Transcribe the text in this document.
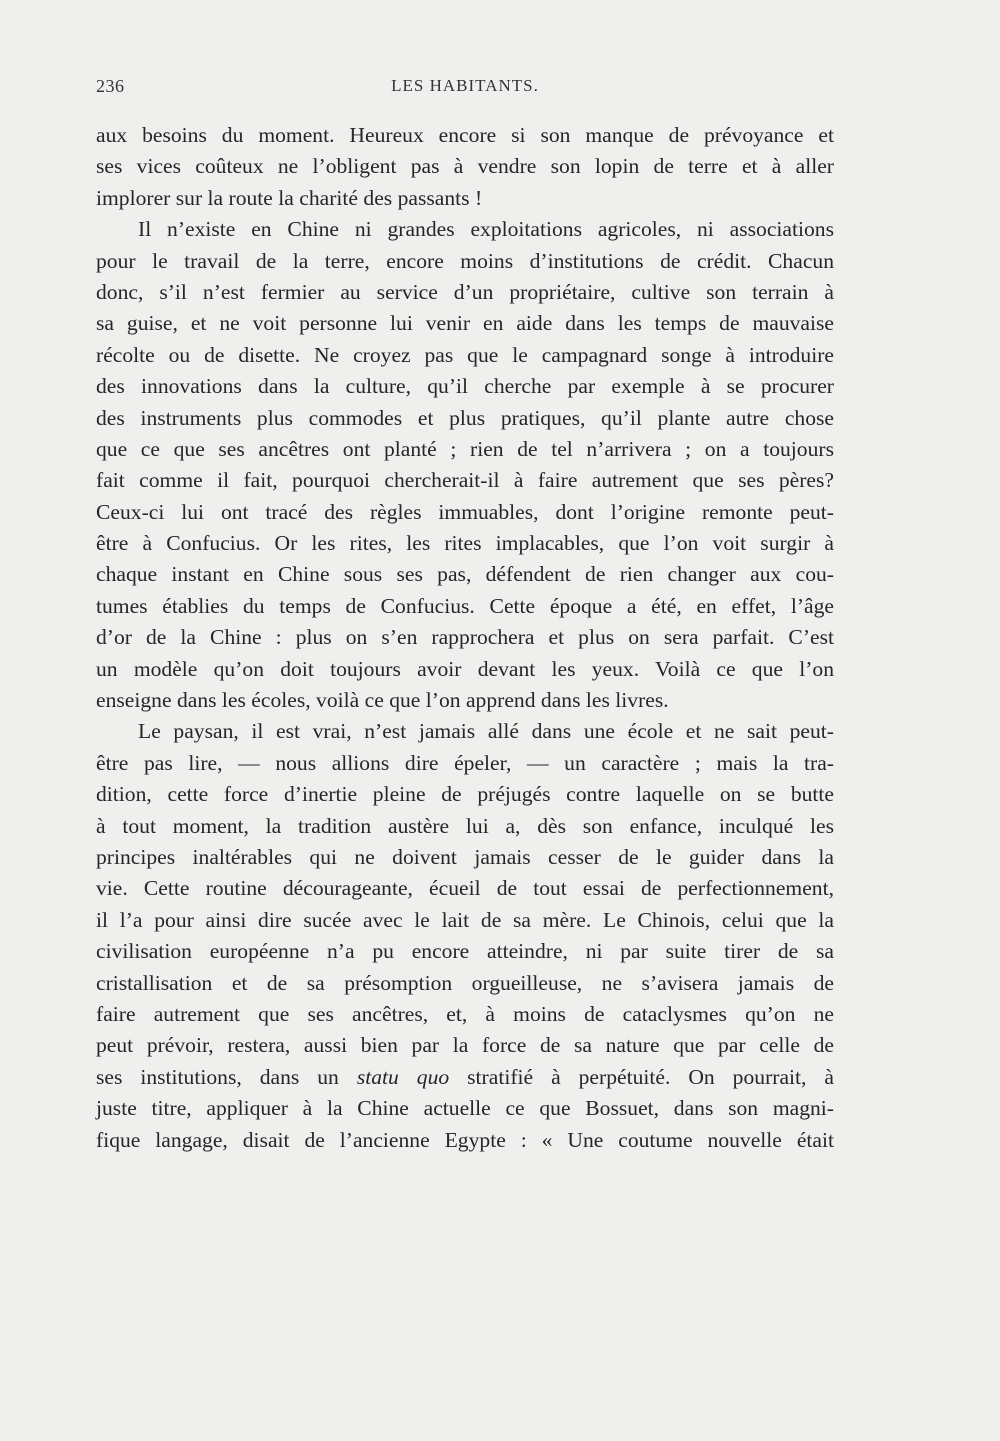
236	LES HABITANTS.
aux besoins du moment. Heureux encore si son manque de prévoyance et
ses vices coûteux ne l’obligent pas à vendre son lopin de terre et à aller
implorer sur la route la charité des passants !
Il n’existe en Chine ni grandes exploitations agricoles, ni associations
pour le travail de la terre, encore moins d’institutions de crédit. Chacun
donc, s’il n’est fermier au service d’un propriétaire, cultive son terrain à
sa guise, et ne voit personne lui venir en aide dans les temps de mauvaise
récolte ou de disette. Ne croyez pas que le campagnard songe à introduire
des innovations dans la culture, qu’il cherche par exemple à se procurer
des instruments plus commodes et plus pratiques, qu’il plante autre chose
que ce que ses ancêtres ont planté ; rien de tel n’arrivera ; on a toujours
fait comme il fait, pourquoi chercherait-il à faire autrement que ses pères?
Ceux-ci lui ont tracé des règles immuables, dont l’origine remonte peut-
être à Confucius. Or les rites, les rites implacables, que l’on voit surgir à
chaque instant en Chine sous ses pas, défendent de rien changer aux cou-
tumes établies du temps de Confucius. Cette époque a été, en effet, l’âge
d’or de la Chine : plus on s’en rapprochera et plus on sera parfait. C’est
un modèle qu’on doit toujours avoir devant les yeux. Voilà ce que l’on
enseigne dans les écoles, voilà ce que l’on apprend dans les livres.
Le paysan, il est vrai, n’est jamais allé dans une école et ne sait peut-
être pas lire, — nous allions dire épeler, — un caractère ; mais la tra-
dition, cette force d’inertie pleine de préjugés contre laquelle on se butte
à tout moment, la tradition austère lui a, dès son enfance, inculqué les
principes inaltérables qui ne doivent jamais cesser de le guider dans la
vie. Cette routine décourageante, écueil de tout essai de perfectionnement,
il l’a pour ainsi dire sucée avec le lait de sa mère. Le Chinois, celui que la
civilisation européenne n’a pu encore atteindre, ni par suite tirer de sa
cristallisation et de sa présomption orgueilleuse, ne s’avisera jamais de
faire autrement que ses ancêtres, et, à moins de cataclysmes qu’on ne
peut prévoir, restera, aussi bien par la force de sa nature que par celle de
ses institutions, dans un statu quo stratifié à perpétuité. On pourrait, à
juste titre, appliquer à la Chine actuelle ce que Bossuet, dans son magni-
fique langage, disait de l’ancienne Egypte : « Une coutume nouvelle était
